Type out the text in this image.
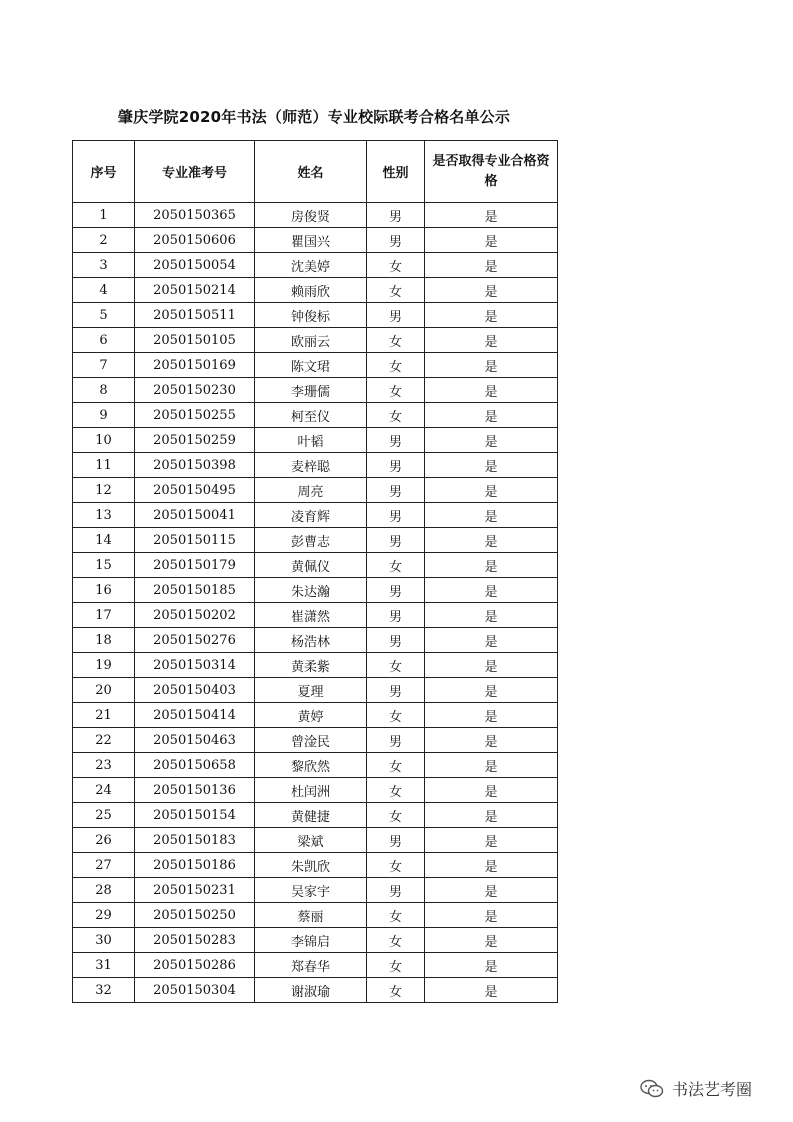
肇庆学院2020年书法（师范）专业校际联考合格名单公示
序号	专业准考号	姓名	性别	是否取得专业合格资格
1	2050150365	房俊贤	男	是
2	2050150606	瞿国兴	男	是
3	2050150054	沈美婷	女	是
4	2050150214	赖雨欣	女	是
5	2050150511	钟俊标	男	是
6	2050150105	欧丽云	女	是
7	2050150169	陈文珺	女	是
8	2050150230	李珊儒	女	是
9	2050150255	柯至仪	女	是
10	2050150259	叶韬	男	是
11	2050150398	麦梓聪	男	是
12	2050150495	周亮	男	是
13	2050150041	凌育辉	男	是
14	2050150115	彭曹志	男	是
15	2050150179	黄佩仪	女	是
16	2050150185	朱达瀚	男	是
17	2050150202	崔潇然	男	是
18	2050150276	杨浩林	男	是
19	2050150314	黄柔紫	女	是
20	2050150403	夏理	男	是
21	2050150414	黄婷	女	是
22	2050150463	曾淦民	男	是
23	2050150658	黎欣然	女	是
24	2050150136	杜闰洲	女	是
25	2050150154	黄健捷	女	是
26	2050150183	梁斌	男	是
27	2050150186	朱凯欣	女	是
28	2050150231	吴家宇	男	是
29	2050150250	蔡丽	女	是
30	2050150283	李锦启	女	是
31	2050150286	郑春华	女	是
32	2050150304	谢淑瑜	女	是
书法艺考圈
